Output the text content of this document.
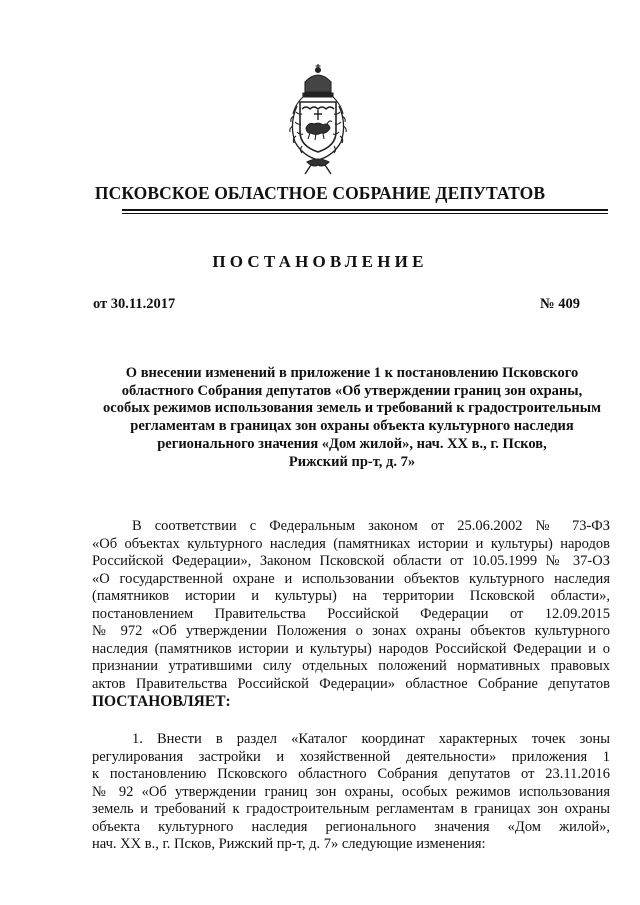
ПСКОВСКОЕ ОБЛАСТНОЕ СОБРАНИЕ ДЕПУТАТОВ
ПОСТАНОВЛЕНИЕ
от 30.11.2017	№ 409
О внесении изменений в приложение 1 к постановлению Псковского
областного Собрания депутатов «Об утверждении границ зон охраны,
особых режимов использования земель и требований к градостроительным
регламентам в границах зон охраны объекта культурного наследия
регионального значения «Дом жилой», нач. XX в., г. Псков,
Рижский пр-т, д. 7»
В соответствии с Федеральным законом от 25.06.2002 № 73-ФЗ
«Об объектах культурного наследия (памятниках истории и культуры) народов
Российской Федерации», Законом Псковской области от 10.05.1999 № 37-ОЗ
«О государственной охране и использовании объектов культурного наследия
(памятников истории и культуры) на территории Псковской области»,
постановлением Правительства Российской Федерации от 12.09.2015
№ 972 «Об утверждении Положения о зонах охраны объектов культурного
наследия (памятников истории и культуры) народов Российской Федерации и о
признании утратившими силу отдельных положений нормативных правовых
актов Правительства Российской Федерации» областное Собрание депутатов
ПОСТАНОВЛЯЕТ:
1. Внести в раздел «Каталог координат характерных точек зоны
регулирования застройки и хозяйственной деятельности» приложения 1
к постановлению Псковского областного Собрания депутатов от 23.11.2016
№ 92 «Об утверждении границ зон охраны, особых режимов использования
земель и требований к градостроительным регламентам в границах зон охраны
объекта культурного наследия регионального значения «Дом жилой»,
нач. XX в., г. Псков, Рижский пр-т, д. 7» следующие изменения:
